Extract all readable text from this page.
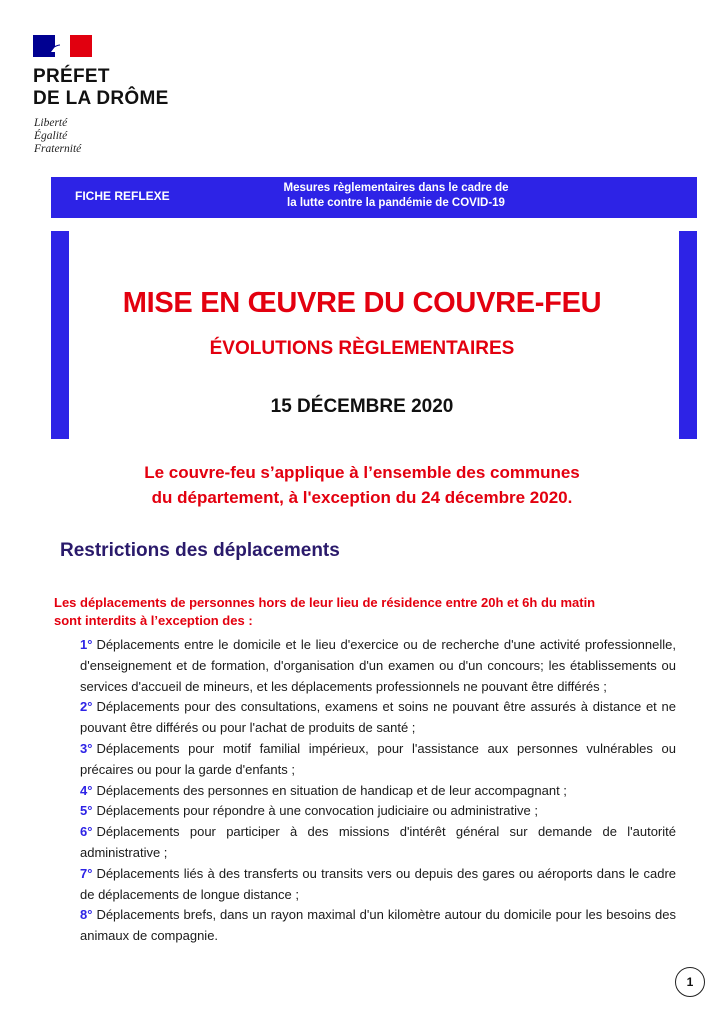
PRÉFET
DE LA DRÔME
Liberté
Égalité
Fraternité
FICHE REFLEXE
Mesures règlementaires dans le cadre de
la lutte contre la pandémie de COVID-19
MISE EN ŒUVRE DU COUVRE-FEU
ÉVOLUTIONS RÈGLEMENTAIRES
15 DÉCEMBRE 2020
Le couvre-feu s’applique à l’ensemble des communes
du département, à l'exception du 24 décembre 2020.
Restrictions des déplacements
Les déplacements de personnes hors de leur lieu de résidence entre 20h et 6h du matin
sont interdits à l’exception des :
1° Déplacements entre le domicile et le lieu d'exercice ou de recherche d'une activité professionnelle, d'enseignement et de formation, d'organisation d'un examen ou d'un concours; les établissements ou services d'accueil de mineurs, et les déplacements professionnels ne pouvant être différés ;
2° Déplacements pour des consultations, examens et soins ne pouvant être assurés à distance et ne pouvant être différés ou pour l'achat de produits de santé ;
3° Déplacements pour motif familial impérieux, pour l'assistance aux personnes vulnérables ou précaires ou pour la garde d'enfants ;
4° Déplacements des personnes en situation de handicap et de leur accompagnant ;
5° Déplacements pour répondre à une convocation judiciaire ou administrative ;
6° Déplacements pour participer à des missions d'intérêt général sur demande de l'autorité administrative ;
7° Déplacements liés à des transferts ou transits vers ou depuis des gares ou aéroports dans le cadre de déplacements de longue distance ;
8° Déplacements brefs, dans un rayon maximal d'un kilomètre autour du domicile pour les besoins des animaux de compagnie.
1
